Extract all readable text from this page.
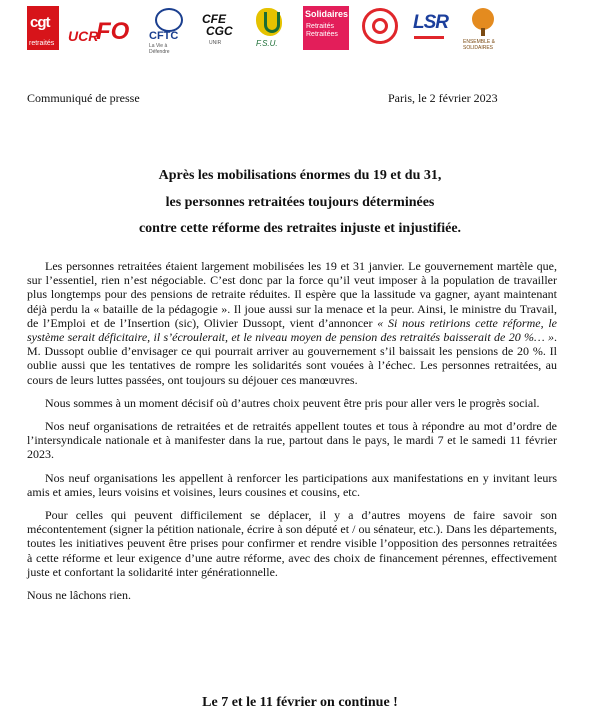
cgt
retraités UCR
FO CFTC
La Vie à Défendre
CFE
CGC
UNIR	F.S.U.
Solidaires
Retraités Retraitées
LSR
ENSEMBLE & SOLIDAIRES
Communiqué de presse	Paris, le 2 février 2023
Après les mobilisations énormes du 19 et du 31,
les personnes retraitées toujours déterminées
contre cette réforme des retraites injuste et injustifiée.

Les personnes retraitées étaient largement mobilisées les 19 et 31 janvier. Le gouvernement martèle que, sur l’essentiel, rien n’est négociable. C’est donc par la force qu’il veut imposer à la population de travailler plus longtemps pour des pensions de retraite réduites. Il espère que la lassitude va gagner, ayant maintenant déjà perdu la « bataille de la pédagogie ». Il joue aussi sur la menace et la peur. Ainsi, le ministre du Travail, de l’Emploi et de l’Insertion (sic), Olivier Dussopt, vient d’annoncer « Si nous retirions cette réforme, le système serait déficitaire, il s’écroulerait, et le niveau moyen de pension des retraités baisserait de 20 %… ». M. Dussopt oublie d’envisager ce qui pourrait arriver au gouvernement s’il baissait les pensions de 20 %. Il oublie aussi que les tentatives de rompre les solidarités sont vouées à l’échec. Les personnes retraitées, au cours de leurs luttes passées, ont toujours su déjouer ces manœuvres.

Nous sommes à un moment décisif où d’autres choix peuvent être pris pour aller vers le progrès social.

Nos neuf organisations de retraitées et de retraités appellent toutes et tous à répondre au mot d’ordre de l’intersyndicale nationale et à manifester dans la rue, partout dans le pays, le mardi 7 et le samedi 11 février 2023.

Nos neuf organisations les appellent à renforcer les participations aux manifestations en y invitant leurs amis et amies, leurs voisins et voisines, leurs cousines et cousins, etc.

Pour celles qui peuvent difficilement se déplacer, il y a d’autres moyens de faire savoir son mécontentement (signer la pétition nationale, écrire à son député et / ou sénateur, etc.). Dans les départements, toutes les initiatives peuvent être prises pour confirmer et rendre visible l’opposition des personnes retraitées à cette réforme et leur exigence d’une autre réforme, avec des choix de financement pérennes, effectivement juste et confortant la solidarité inter générationnelle.

Nous ne lâchons rien.

Le 7 et le 11 février on continue !
